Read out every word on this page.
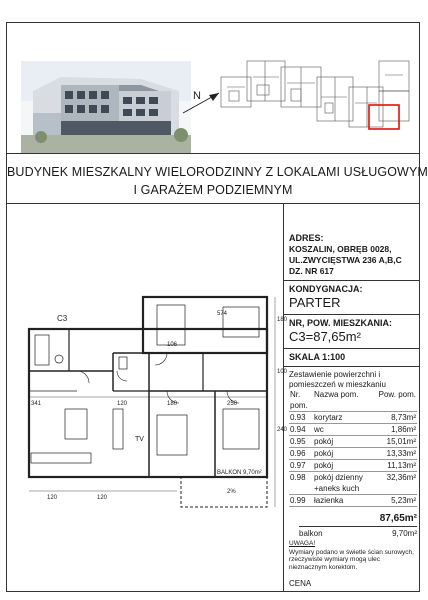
N
BUDYNEK MIESZKALNY WIELORODZINNY Z LOKALAMI USŁUGOWYM
I GARAŻEM PODZIEMNYM
C3
106
574
341	120	180	250
120	120
TV
BALKON 9,70m²
2%
180
100
240
ADRES:
KOSZALIN, OBRĘB 0028,
UL.ZWYCIĘSTWA 236 A,B,C
DZ. NR 617
KONDYGNACJA:
PARTER
NR, POW. MIESZKANIA:
C3=87,65m²
SKALA 1:100
Zestawienie powierzchni i pomieszczeń w mieszkaniu
Nr. pom.	Nazwa pom.	Pow. pom.
0.93	korytarz	8,73m²
0.94	wc	1,86m²
0.95	pokój	15,01m²
0.96	pokój	13,33m²
0.97	pokój	11,13m²
0.98	pokój dzienny +aneks kuch	32,36m²
0.99	łazienka	5,23m²
87,65m²
balkon	9,70m²
UWAGA!
Wymiary podano w świetle ścian surowych, rzeczywiste wymiary mogą ulec nieznacznym korektom.
CENA
